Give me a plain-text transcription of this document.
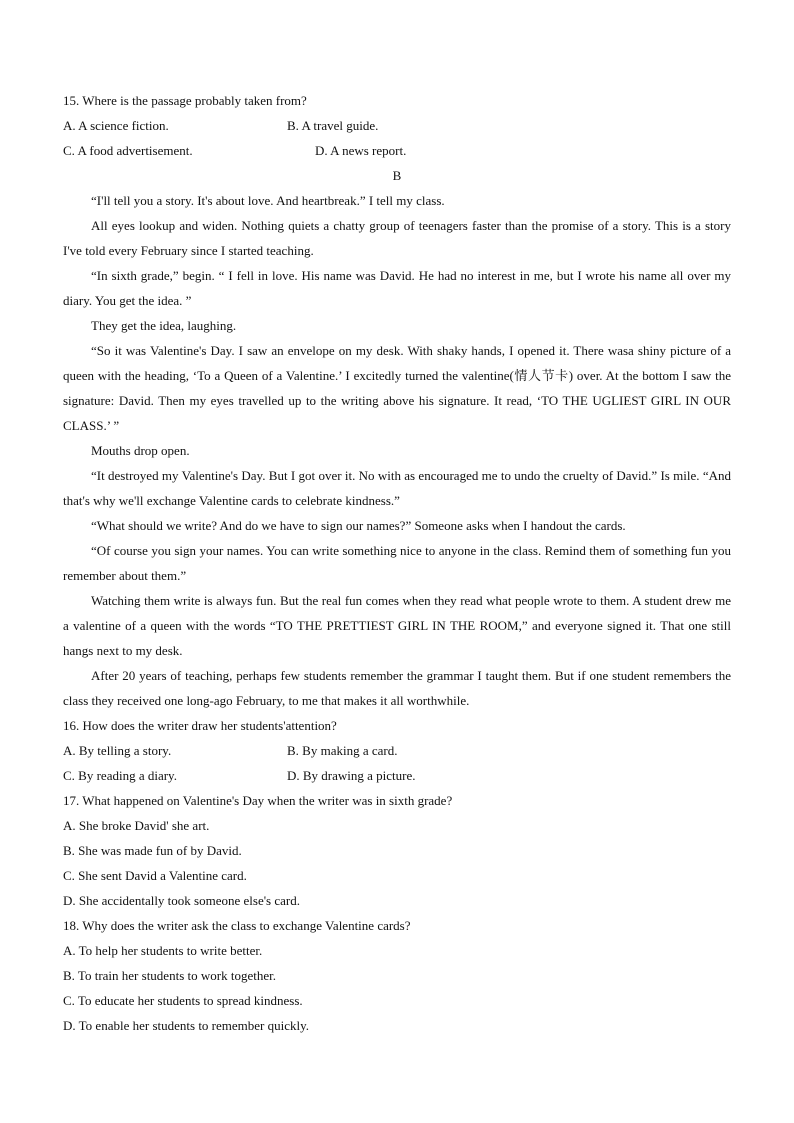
15. Where is the passage probably taken from?
A. A science fiction.	B. A travel guide.
C. A food advertisement.	D. A news report.
B
“I'll tell you a story. It's about love. And heartbreak.” I tell my class.
All eyes lookup and widen. Nothing quiets a chatty group of teenagers faster than the promise of a story. This is a story I've told every February since I started teaching.
“In sixth grade,” begin. “ I fell in love. His name was David. He had no interest in me, but I wrote his name all over my diary. You get the idea. ”
They get the idea, laughing.
“So it was Valentine's Day. I saw an envelope on my desk. With shaky hands, I opened it. There wasa shiny picture of a queen with the heading, ‘To a Queen of a Valentine.’ I excitedly turned the valentine(情人节卡) over. At the bottom I saw the signature: David. Then my eyes travelled up to the writing above his signature. It read, ‘TO THE UGLIEST GIRL IN OUR CLASS.’ ”
Mouths drop open.
“It destroyed my Valentine's Day. But I got over it. No with as encouraged me to undo the cruelty of David.” Is mile. “And that's why we'll exchange Valentine cards to celebrate kindness.”
“What should we write? And do we have to sign our names?” Someone asks when I handout the cards.
“Of course you sign your names. You can write something nice to anyone in the class. Remind them of something fun you remember about them.”
Watching them write is always fun. But the real fun comes when they read what people wrote to them. A student drew me a valentine of a queen with the words “TO THE PRETTIEST GIRL IN THE ROOM,” and everyone signed it. That one still hangs next to my desk.
After 20 years of teaching, perhaps few students remember the grammar I taught them. But if one student remembers the class they received one long-ago February, to me that makes it all worthwhile.
16. How does the writer draw her students'attention?
A. By telling a story.	B. By making a card.
C. By reading a diary.	D. By drawing a picture.
17. What happened on Valentine's Day when the writer was in sixth grade?
A. She broke David' she art.
B. She was made fun of by David.
C. She sent David a Valentine card.
D. She accidentally took someone else's card.
18. Why does the writer ask the class to exchange Valentine cards?
A. To help her students to write better.
B. To train her students to work together.
C. To educate her students to spread kindness.
D. To enable her students to remember quickly.
